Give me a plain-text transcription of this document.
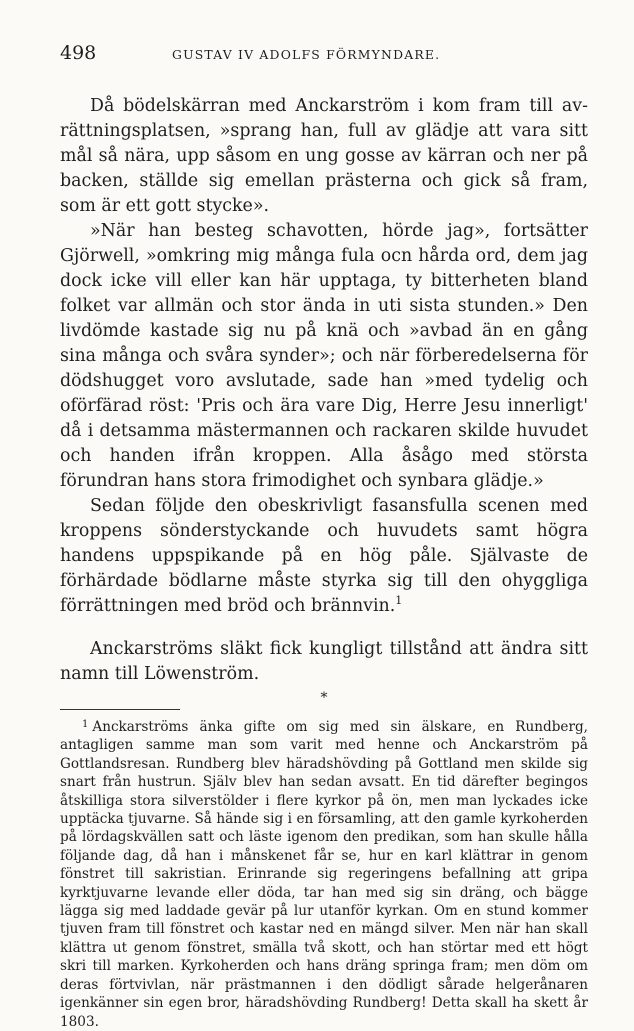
498	GUSTAV IV ADOLFS FÖRMYNDARE.

Då bödelskärran med Anckarström i kom fram till avrättningsplatsen, »sprang han, full av glädje att vara sitt mål så nära, upp såsom en ung gosse av kärran och ner på backen, ställde sig emellan prästerna och gick så fram, som är ett gott stycke».

»När han besteg schavotten, hörde jag», fortsätter Gjörwell, »omkring mig många fula ocn hårda ord, dem jag dock icke vill eller kan här upptaga, ty bitterheten bland folket var allmän och stor ända in uti sista stunden.» Den livdömde kastade sig nu på knä och »avbad än en gång sina många och svåra synder»; och när förberedelserna för dödshugget voro avslutade, sade han »med tydelig och oförfärad röst: 'Pris och ära vare Dig, Herre Jesu innerligt' då i detsamma mästermannen och rackaren skilde huvudet och handen ifrån kroppen. Alla åsågo med största förundran hans stora frimodighet och synbara glädje.»

Sedan följde den obeskrivligt fasansfulla scenen med kroppens sönderstyckande och huvudets samt högra handens uppspikande på en hög påle. Självaste de förhärdade bödlarne måste styrka sig till den ohyggliga förrättningen med bröd och brännvin.$^1$

Anckarströms släkt fick kungligt tillstånd att ändra sitt namn till Löwenström.

*

$^1$ Anckarströms änka gifte om sig med sin älskare, en Rundberg, antagligen samme man som varit med henne och Anckarström på Gottlandsresan. Rundberg blev häradshövding på Gottland men skilde sig snart från hustrun. Själv blev han sedan avsatt. En tid därefter begingos åtskilliga stora silverstölder i flere kyrkor på ön, men man lyckades icke upptäcka tjuvarne. Så hände sig i en församling, att den gamle kyrkoherden på lördagskvällen satt och läste igenom den predikan, som han skulle hålla följande dag, då han i månskenet får se, hur en karl klättrar in genom fönstret till sakristian. Erinrande sig regeringens befallning att gripa kyrktjuvarne levande eller döda, tar han med sig sin dräng, och bägge lägga sig med laddade gevär på lur utanför kyrkan. Om en stund kommer tjuven fram till fönstret och kastar ned en mängd silver. Men när han skall klättra ut genom fönstret, smälla två skott, och han störtar med ett högt skri till marken. Kyrkoherden och hans dräng springa fram; men döm om deras förtvivlan, när prästmannen i den dödligt sårade helgerånaren igenkänner sin egen bror, häradshövding Rundberg! Detta skall ha skett år 1803.
